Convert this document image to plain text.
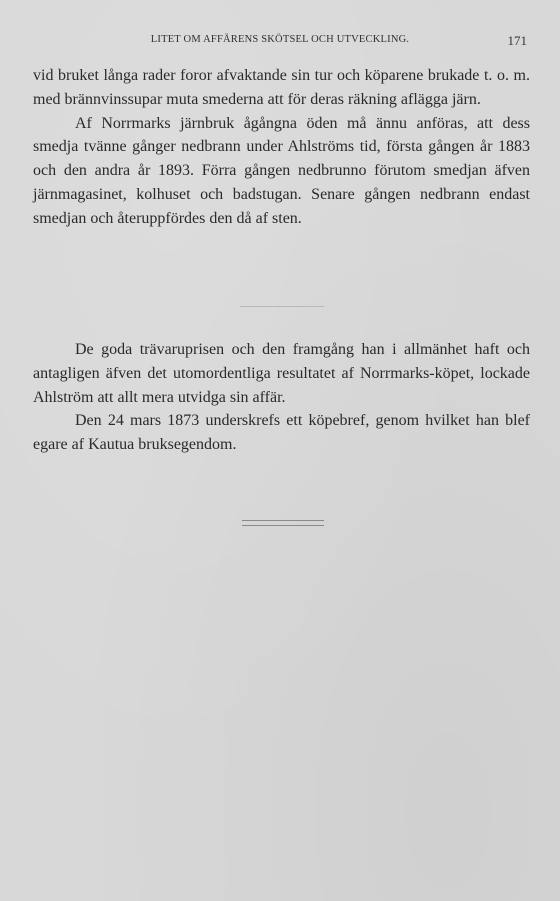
LITET OM AFFÄRENS SKÖTSEL OCH UTVECKLING.	171

vid bruket långa rader foror afvaktande sin tur och köparene brukade t. o. m. med brännvinssupar muta smederna att för deras räkning aflägga järn.

Af Norrmarks järnbruk ågångna öden må ännu anföras, att dess smedja tvänne gånger nedbrann under Ahlströms tid, första gången år 1883 och den andra år 1893. Förra gången nedbrunno förutom smedjan äfven järnmagasinet, kolhuset och badstugan. Senare gången nedbrann endast smedjan och återuppfördes den då af sten.

De goda trävaruprisen och den framgång han i allmänhet haft och antagligen äfven det utomordentliga resultatet af Norrmarks-köpet, lockade Ahlström att allt mera utvidga sin affär.

Den 24 mars 1873 underskrefs ett köpebref, genom hvilket han blef egare af Kautua bruksegendom.
